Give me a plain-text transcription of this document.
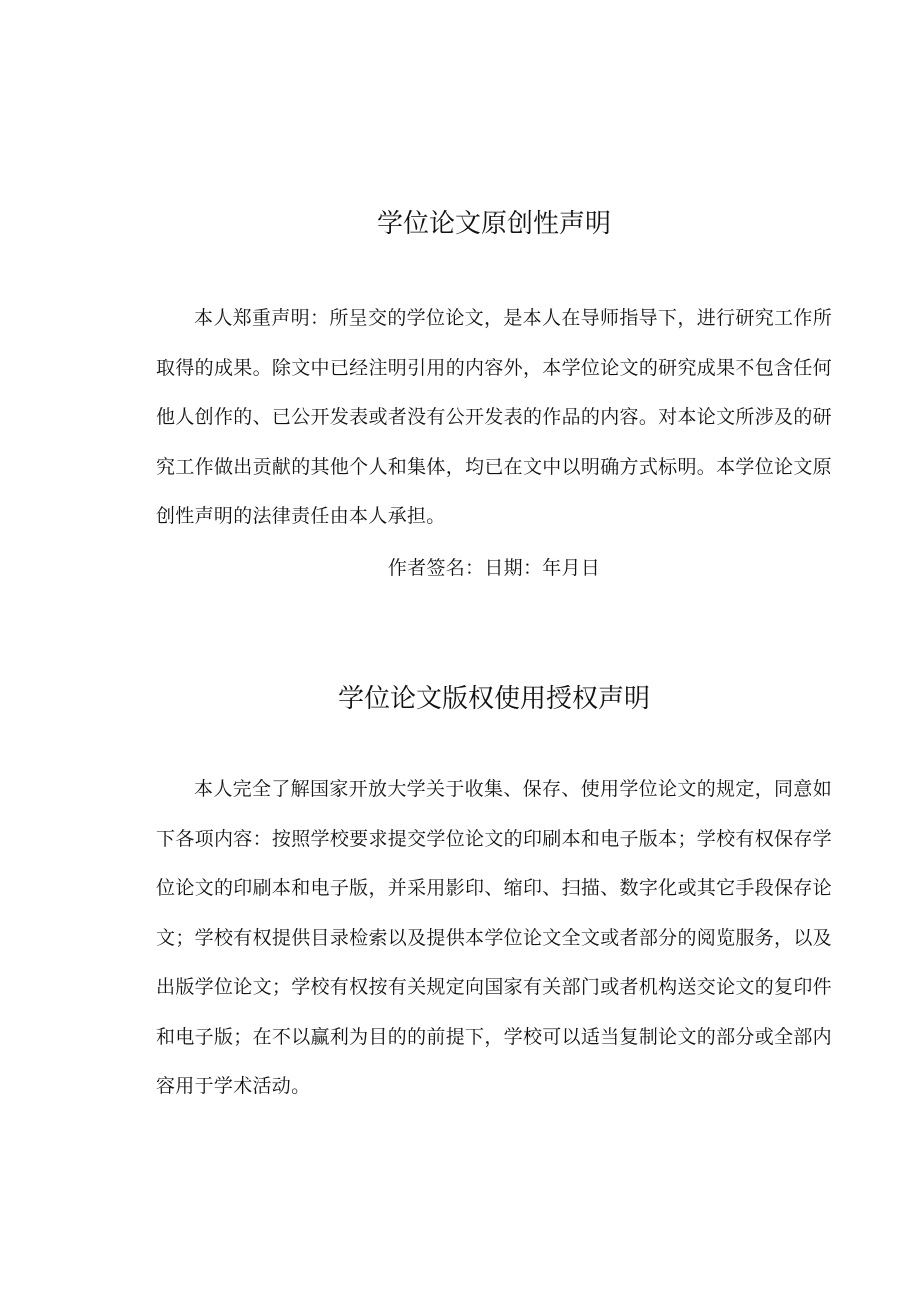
学位论文原创性声明

本人郑重声明：所呈交的学位论文，是本人在导师指导下，进行研究工作所取得的成果。除文中已经注明引用的内容外，本学位论文的研究成果不包含任何他人创作的、已公开发表或者没有公开发表的作品的内容。对本论文所涉及的研究工作做出贡献的其他个人和集体，均已在文中以明确方式标明。本学位论文原创性声明的法律责任由本人承担。

作者签名：日期：年月日
学位论文版权使用授权声明

本人完全了解国家开放大学关于收集、保存、使用学位论文的规定，同意如下各项内容：按照学校要求提交学位论文的印刷本和电子版本；学校有权保存学位论文的印刷本和电子版，并采用影印、缩印、扫描、数字化或其它手段保存论文；学校有权提供目录检索以及提供本学位论文全文或者部分的阅览服务，以及出版学位论文；学校有权按有关规定向国家有关部门或者机构送交论文的复印件和电子版；在不以赢利为目的的前提下，学校可以适当复制论文的部分或全部内容用于学术活动。
